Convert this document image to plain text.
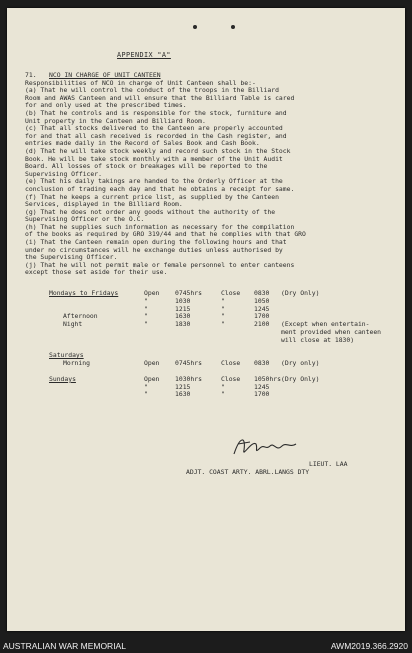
APPENDIX "A"
71. NCO IN CHARGE OF UNIT CANTEEN
Responsibilities of NCO in charge of Unit Canteen shall be:-
(a) That he will control the conduct of the troops in the Billiard
Room and AWAS Canteen and will ensure that the Billiard Table is cared
for and only used at the prescribed times.
(b) That he controls and is responsible for the stock, furniture and
Unit property in the Canteen and Billiard Room.
(c) That all stocks delivered to the Canteen are properly accounted
for and that all cash received is recorded in the Cash register, and
entries made daily in the Record of Sales Book and Cash Book.
(d) That he will take stock weekly and record such stock in the Stock
Book. He will be take stock monthly with a member of the Unit Audit
Board. All losses of stock or breakages will be reported to the
Supervising Officer.
(e) That his daily takings are handed to the Orderly Officer at the
conclusion of trading each day and that he obtains a receipt for same.
(f) That he keeps a current price list, as supplied by the Canteen
Services, displayed in the Billiard Room.
(g) That he does not order any goods without the authority of the
Supervising Officer or the O.C.
(h) That he supplies such information as necessary for the compilation
of the books as required by GRO 319/44 and that he complies with that GRO
(i) That the Canteen remain open during the following hours and that
under no circumstances will he exchange duties unless authorised by
the Supervising Officer.
(j) That he will not permit male or female personnel to enter canteens
except those set aside for their use.
Mondays to Fridays	Open 0745hrs	Close 0830 (Dry Only)
"	1030	"	1050
"	1215	"	1245
Afternoon	"	1630	"	1700
Night	"	1830	"	2100 (Except when entertain-
ment provided when canteen
will close at 1830)
Saturdays
Morning	Open 0745hrs	Close 0830 (Dry only)
Sundays	Open 1030hrs	Close 1050hrs (Dry Only)
"	1215	"	1245
"	1630	"	1700
LIEUT. LAA
ADJT. COAST ARTY. ABRL.LANGS DTY
AUSTRALIAN WAR MEMORIAL	AWM2019.366.2920
